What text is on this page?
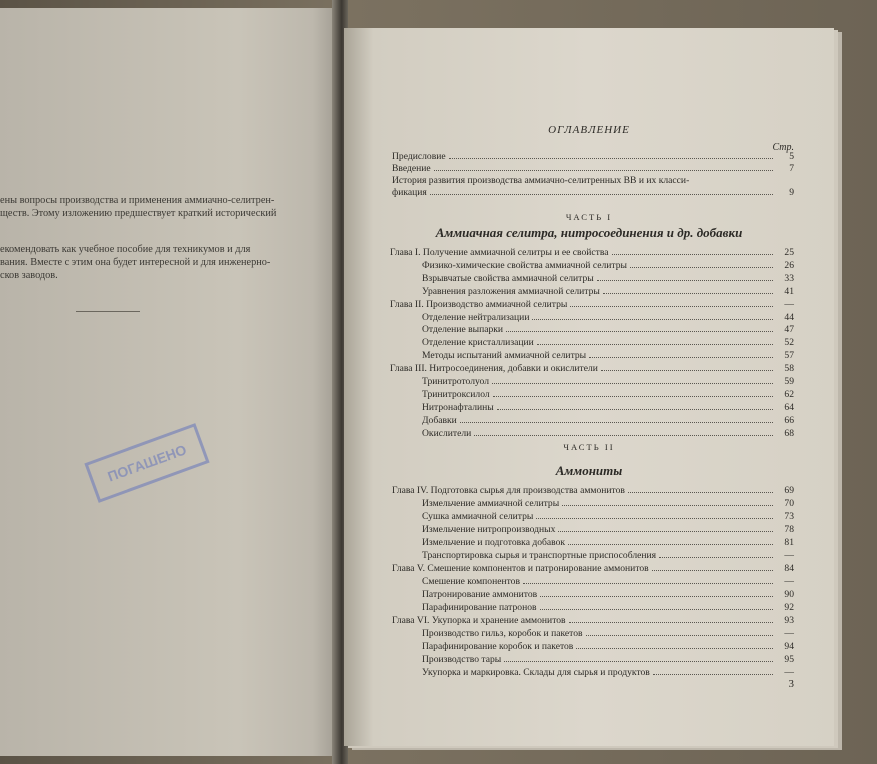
ены вопросы производства и применения аммиачно-селитрен-
ществ. Этому изложению предшествует краткий исторический
екомендовать как учебное пособие для техникумов и для
вания. Вместе с этим она будет интересной и для инженерно-
сков заводов.
ПОГАШЕНО
ОГЛАВЛЕНИЕ
Стр.
Предисловие	5
Введение	7
История развития производства аммиачно-селитренных ВВ и их класси-
фикация	9
ЧАСТЬ I
Аммиачная селитра, нитросоединения и др. добавки
Глава I. Получение аммиачной селитры и ее свойства	25
Физико-химические свойства аммиачной селитры	26
Взрывчатые свойства аммиачной селитры	33
Уравнения разложения аммиачной селитры	41
Глава II. Производство аммиачной селитры	—
Отделение нейтрализации	44
Отделение выпарки	47
Отделение кристаллизации	52
Методы испытаний аммиачной селитры	57
Глава III. Нитросоединения, добавки и окислители	58
Тринитротолуол	59
Тринитроксилол	62
Нитронафталины	64
Добавки	66
Окислители	68
ЧАСТЬ II
Аммониты
Глава IV. Подготовка сырья для производства аммонитов	69
Измельчение аммиачной селитры	70
Сушка аммиачной селитры	73
Измельчение нитропроизводных	78
Измельчение и подготовка добавок	81
Транспортировка сырья и транспортные приспособления	—
Глава V. Смешение компонентов и патронирование аммонитов	84
Смешение компонентов	—
Патронирование аммонитов	90
Парафинирование патронов	92
Глава VI. Укупорка и хранение аммонитов	93
Производство гильз, коробок и пакетов	—
Парафинирование коробок и пакетов	94
Производство тары	95
Укупорка и маркировка. Склады для сырья и продуктов	—
3
